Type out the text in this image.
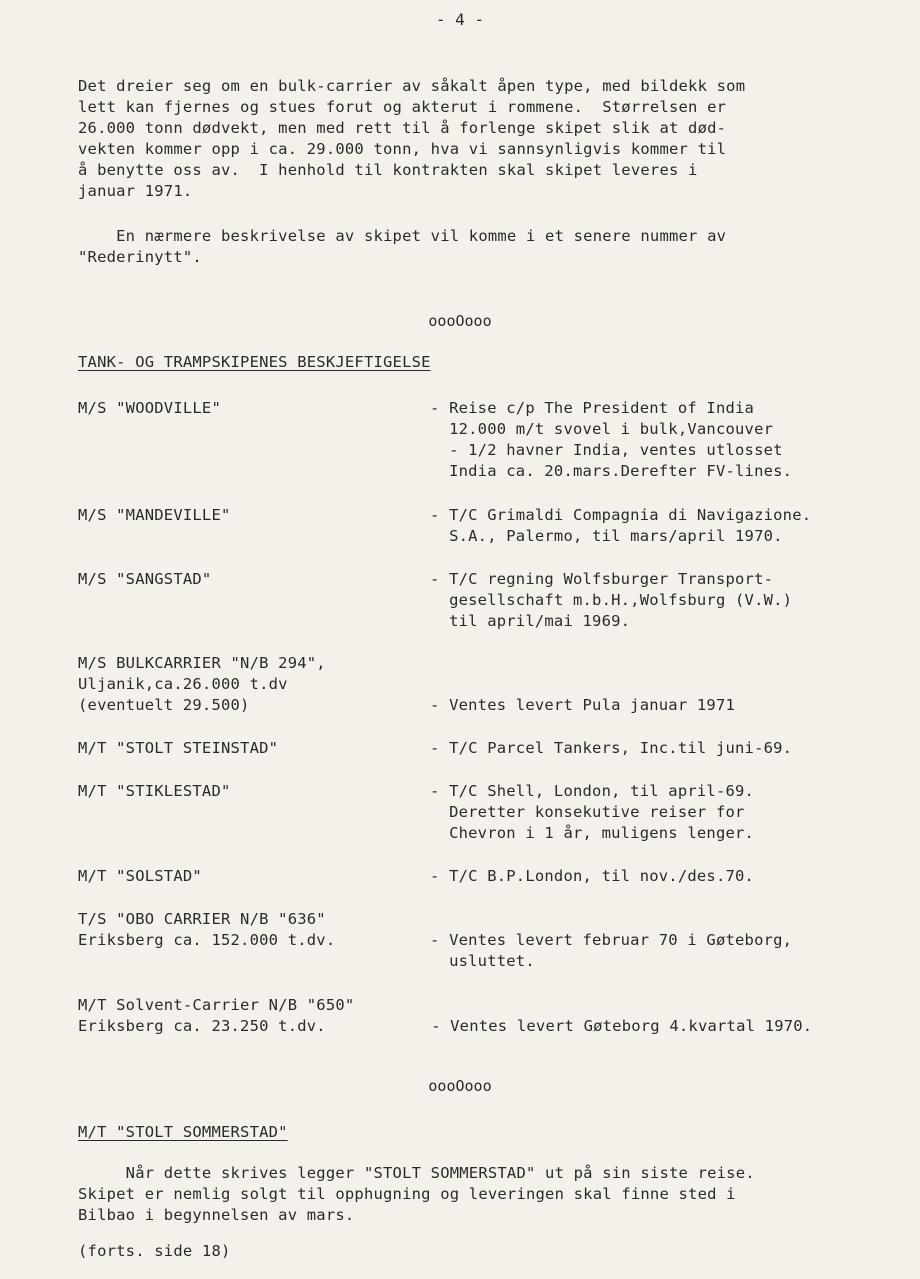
- 4 -
Det dreier seg om en bulk-carrier av såkalt åpen type, med bildekk som
lett kan fjernes og stues forut og akterut i rommene.  Størrelsen er
26.000 tonn dødvekt, men med rett til å forlenge skipet slik at død-
vekten kommer opp i ca. 29.000 tonn, hva vi sannsynligvis kommer til
å benytte oss av.  I henhold til kontrakten skal skipet leveres i
januar 1971.
En nærmere beskrivelse av skipet vil komme i et senere nummer av
"Rederinytt".
oooOooo
TANK- OG TRAMPSKIPENES BESKJEFTIGELSE
M/S "WOODVILLE"	- Reise c/p The President of India
12.000 m/t svovel i bulk,Vancouver
- 1/2 havner India, ventes utlosset
India ca. 20.mars.Derefter FV-lines.
M/S "MANDEVILLE"	- T/C Grimaldi Compagnia di Navigazione.
S.A., Palermo, til mars/april 1970.
M/S "SANGSTAD"	- T/C regning Wolfsburger Transport-
gesellschaft m.b.H.,Wolfsburg (V.W.)
til april/mai 1969.
M/S BULKCARRIER "N/B 294",
Uljanik,ca.26.000 t.dv
(eventuelt 29.500)	- Ventes levert Pula januar 1971
M/T "STOLT STEINSTAD"	- T/C Parcel Tankers, Inc.til juni-69.
M/T "STIKLESTAD"	- T/C Shell, London, til april-69.
Deretter konsekutive reiser for
Chevron i 1 år, muligens lenger.
M/T "SOLSTAD"	- T/C B.P.London, til nov./des.70.
T/S "OBO CARRIER N/B "636"
Eriksberg ca. 152.000 t.dv.	- Ventes levert februar 70 i Gøteborg,
usluttet.
M/T Solvent-Carrier N/B "650"
Eriksberg ca. 23.250 t.dv.	- Ventes levert Gøteborg 4.kvartal 1970.
oooOooo
M/T "STOLT SOMMERSTAD"
Når dette skrives legger "STOLT SOMMERSTAD" ut på sin siste reise.
Skipet er nemlig solgt til opphugning og leveringen skal finne sted i
Bilbao i begynnelsen av mars.
(forts. side 18)
